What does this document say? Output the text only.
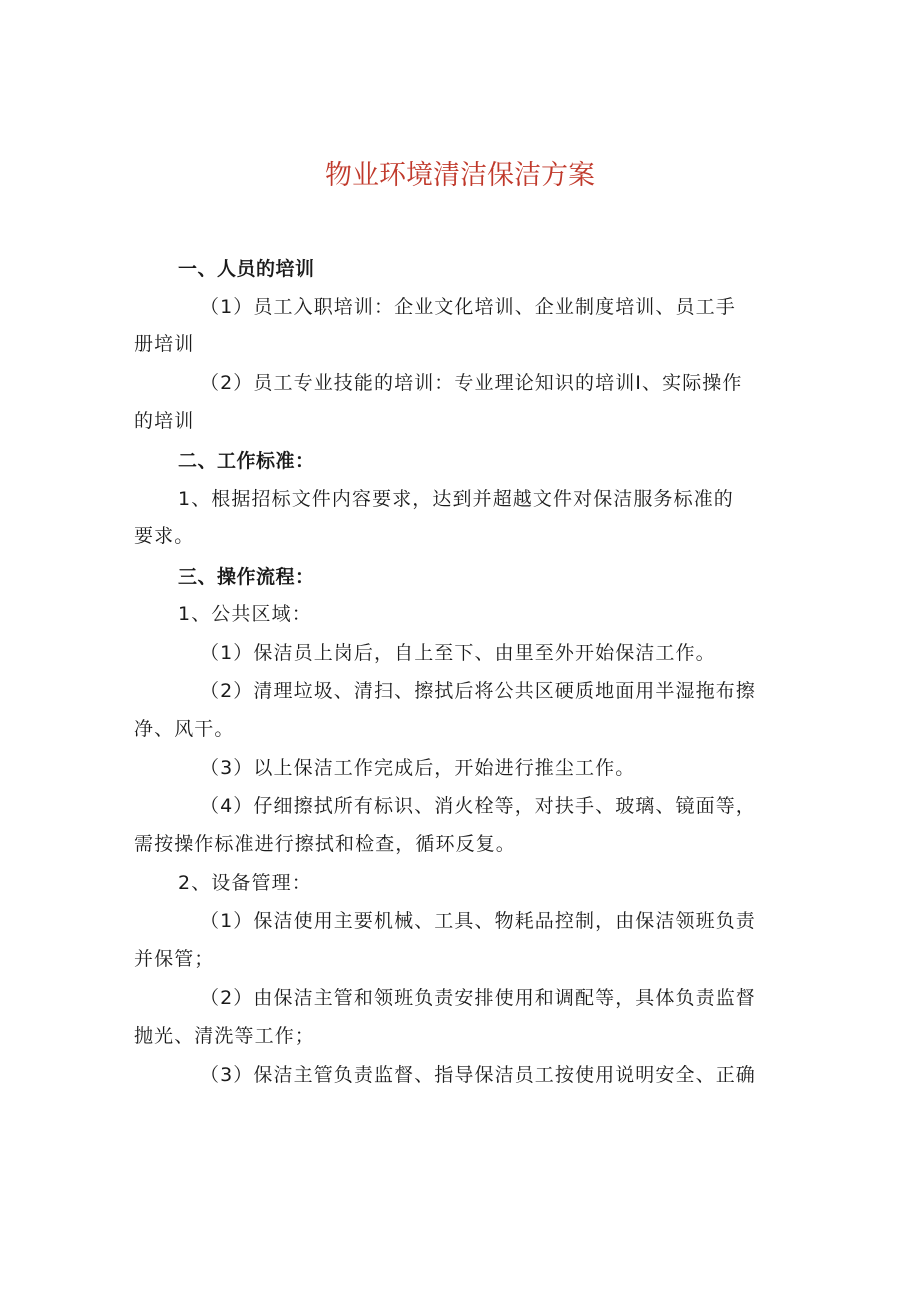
物业环境清洁保洁方案
一、人员的培训
（1）员工入职培训：企业文化培训、企业制度培训、员工手
册培训
（2）员工专业技能的培训：专业理论知识的培训Ⅰ、实际操作
的培训
二、工作标准：
1、根据招标文件内容要求，达到并超越文件对保洁服务标准的
要求。
三、操作流程：
1、公共区域：
（1）保洁员上岗后，自上至下、由里至外开始保洁工作。
（2）清理垃圾、清扫、擦拭后将公共区硬质地面用半湿拖布擦
净、风干。
（3）以上保洁工作完成后，开始进行推尘工作。
（4）仔细擦拭所有标识、消火栓等，对扶手、玻璃、镜面等，
需按操作标准进行擦拭和检查，循环反复。
2、设备管理：
（1）保洁使用主要机械、工具、物耗品控制，由保洁领班负责
并保管；
（2）由保洁主管和领班负责安排使用和调配等，具体负责监督
抛光、清洗等工作；
（3）保洁主管负责监督、指导保洁员工按使用说明安全、正确
